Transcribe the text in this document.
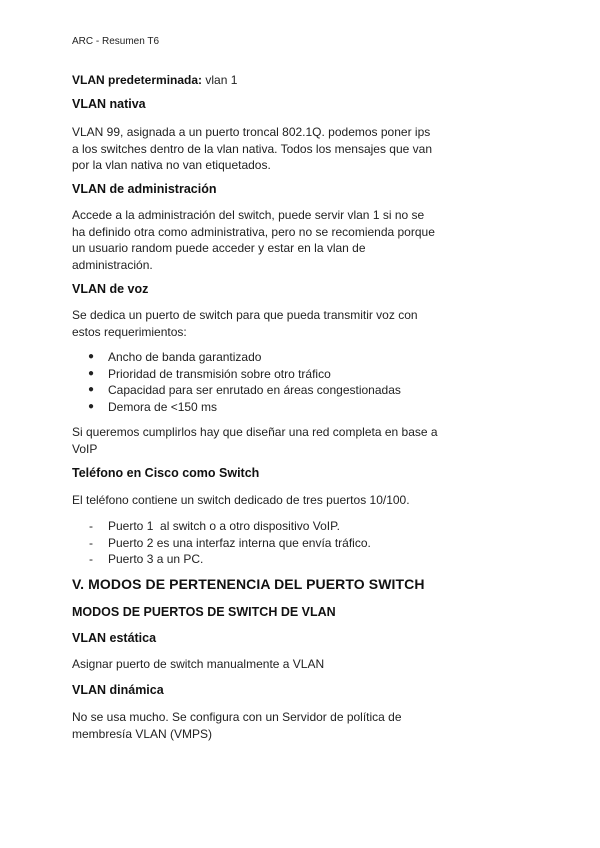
ARC - Resumen T6

VLAN predeterminada: vlan 1

VLAN nativa
VLAN 99, asignada a un puerto troncal 802.1Q. podemos poner ips
a los switches dentro de la vlan nativa. Todos los mensajes que van
por la vlan nativa no van etiquetados.
VLAN de administración
Accede a la administración del switch, puede servir vlan 1 si no se
ha definido otra como administrativa, pero no se recomienda porque
un usuario random puede acceder y estar en la vlan de
administración.
VLAN de voz
Se dedica un puerto de switch para que pueda transmitir voz con
estos requerimientos:
● Ancho de banda garantizado
● Prioridad de transmisión sobre otro tráfico
● Capacidad para ser enrutado en áreas congestionadas
● Demora de <150 ms
Si queremos cumplirlos hay que diseñar una red completa en base a
VoIP
Teléfono en Cisco como Switch
El teléfono contiene un switch dedicado de tres puertos 10/100.
- Puerto 1  al switch o a otro dispositivo VoIP.
- Puerto 2 es una interfaz interna que envía tráfico.
- Puerto 3 a un PC.
V. MODOS DE PERTENENCIA DEL PUERTO SWITCH
MODOS DE PUERTOS DE SWITCH DE VLAN
VLAN estática
Asignar puerto de switch manualmente a VLAN
VLAN dinámica
No se usa mucho. Se configura con un Servidor de política de
membresía VLAN (VMPS)
